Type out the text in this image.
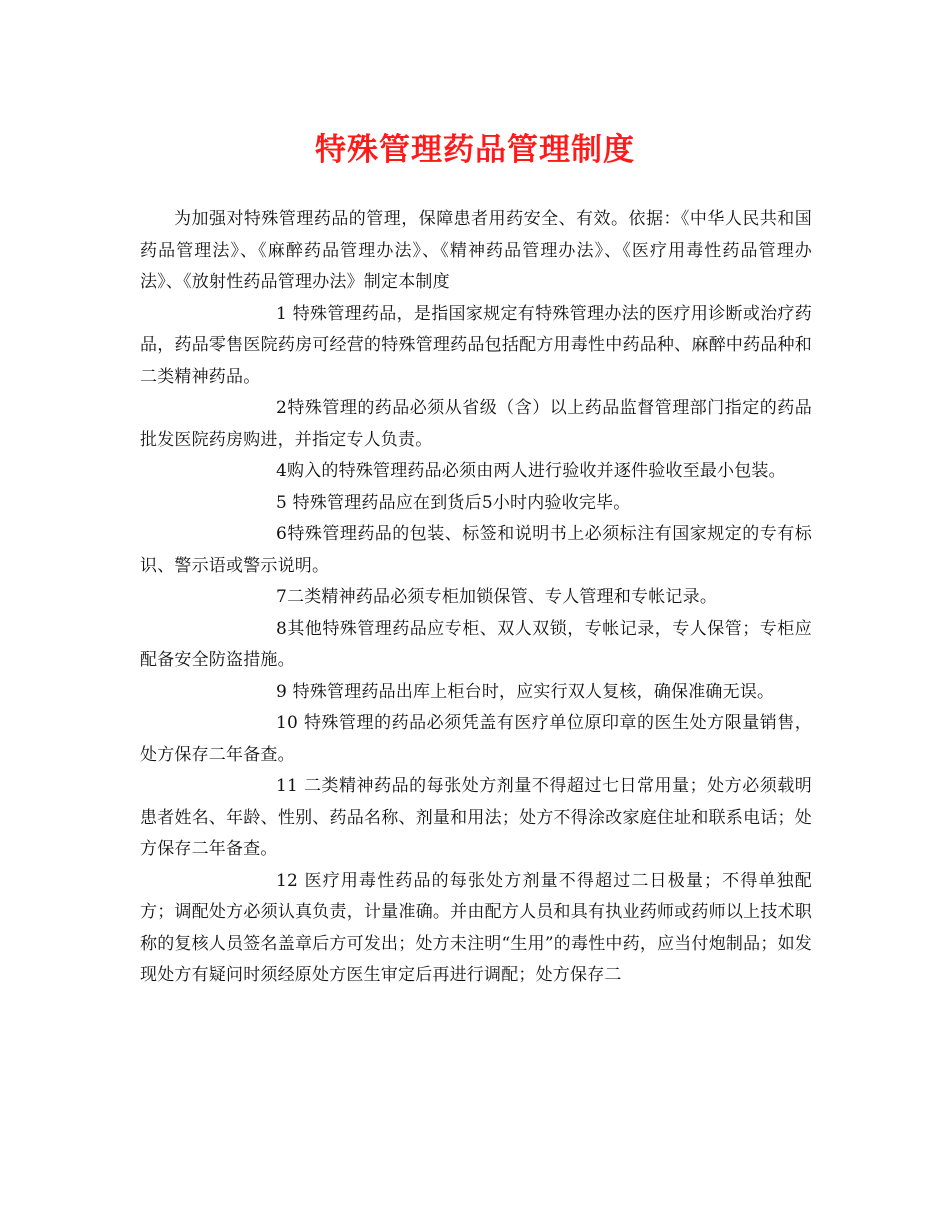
特殊管理药品管理制度

为加强对特殊管理药品的管理，保障患者用药安全、有效。依据：《中华人民共和国药品管理法》、《麻醉药品管理办法》、《精神药品管理办法》、《医疗用毒性药品管理办法》、《放射性药品管理办法》制定本制度

1 特殊管理药品，是指国家规定有特殊管理办法的医疗用诊断或治疗药品，药品零售医院药房可经营的特殊管理药品包括配方用毒性中药品种、麻醉中药品种和二类精神药品。

2特殊管理的药品必须从省级（含）以上药品监督管理部门指定的药品批发医院药房购进，并指定专人负责。

4购入的特殊管理药品必须由两人进行验收并逐件验收至最小包装。

5 特殊管理药品应在到货后5小时内验收完毕。

6特殊管理药品的包装、标签和说明书上必须标注有国家规定的专有标识、警示语或警示说明。

7二类精神药品必须专柜加锁保管、专人管理和专帐记录。

8其他特殊管理药品应专柜、双人双锁，专帐记录，专人保管；专柜应配备安全防盗措施。

9 特殊管理药品出库上柜台时，应实行双人复核，确保准确无误。

10 特殊管理的药品必须凭盖有医疗单位原印章的医生处方限量销售，处方保存二年备查。

11 二类精神药品的每张处方剂量不得超过七日常用量；处方必须载明患者姓名、年龄、性别、药品名称、剂量和用法；处方不得涂改家庭住址和联系电话；处方保存二年备查。

12 医疗用毒性药品的每张处方剂量不得超过二日极量；不得单独配方；调配处方必须认真负责，计量准确。并由配方人员和具有执业药师或药师以上技术职称的复核人员签名盖章后方可发出；处方未注明“生用”的毒性中药，应当付炮制品；如发现处方有疑问时须经原处方医生审定后再进行调配；处方保存二
